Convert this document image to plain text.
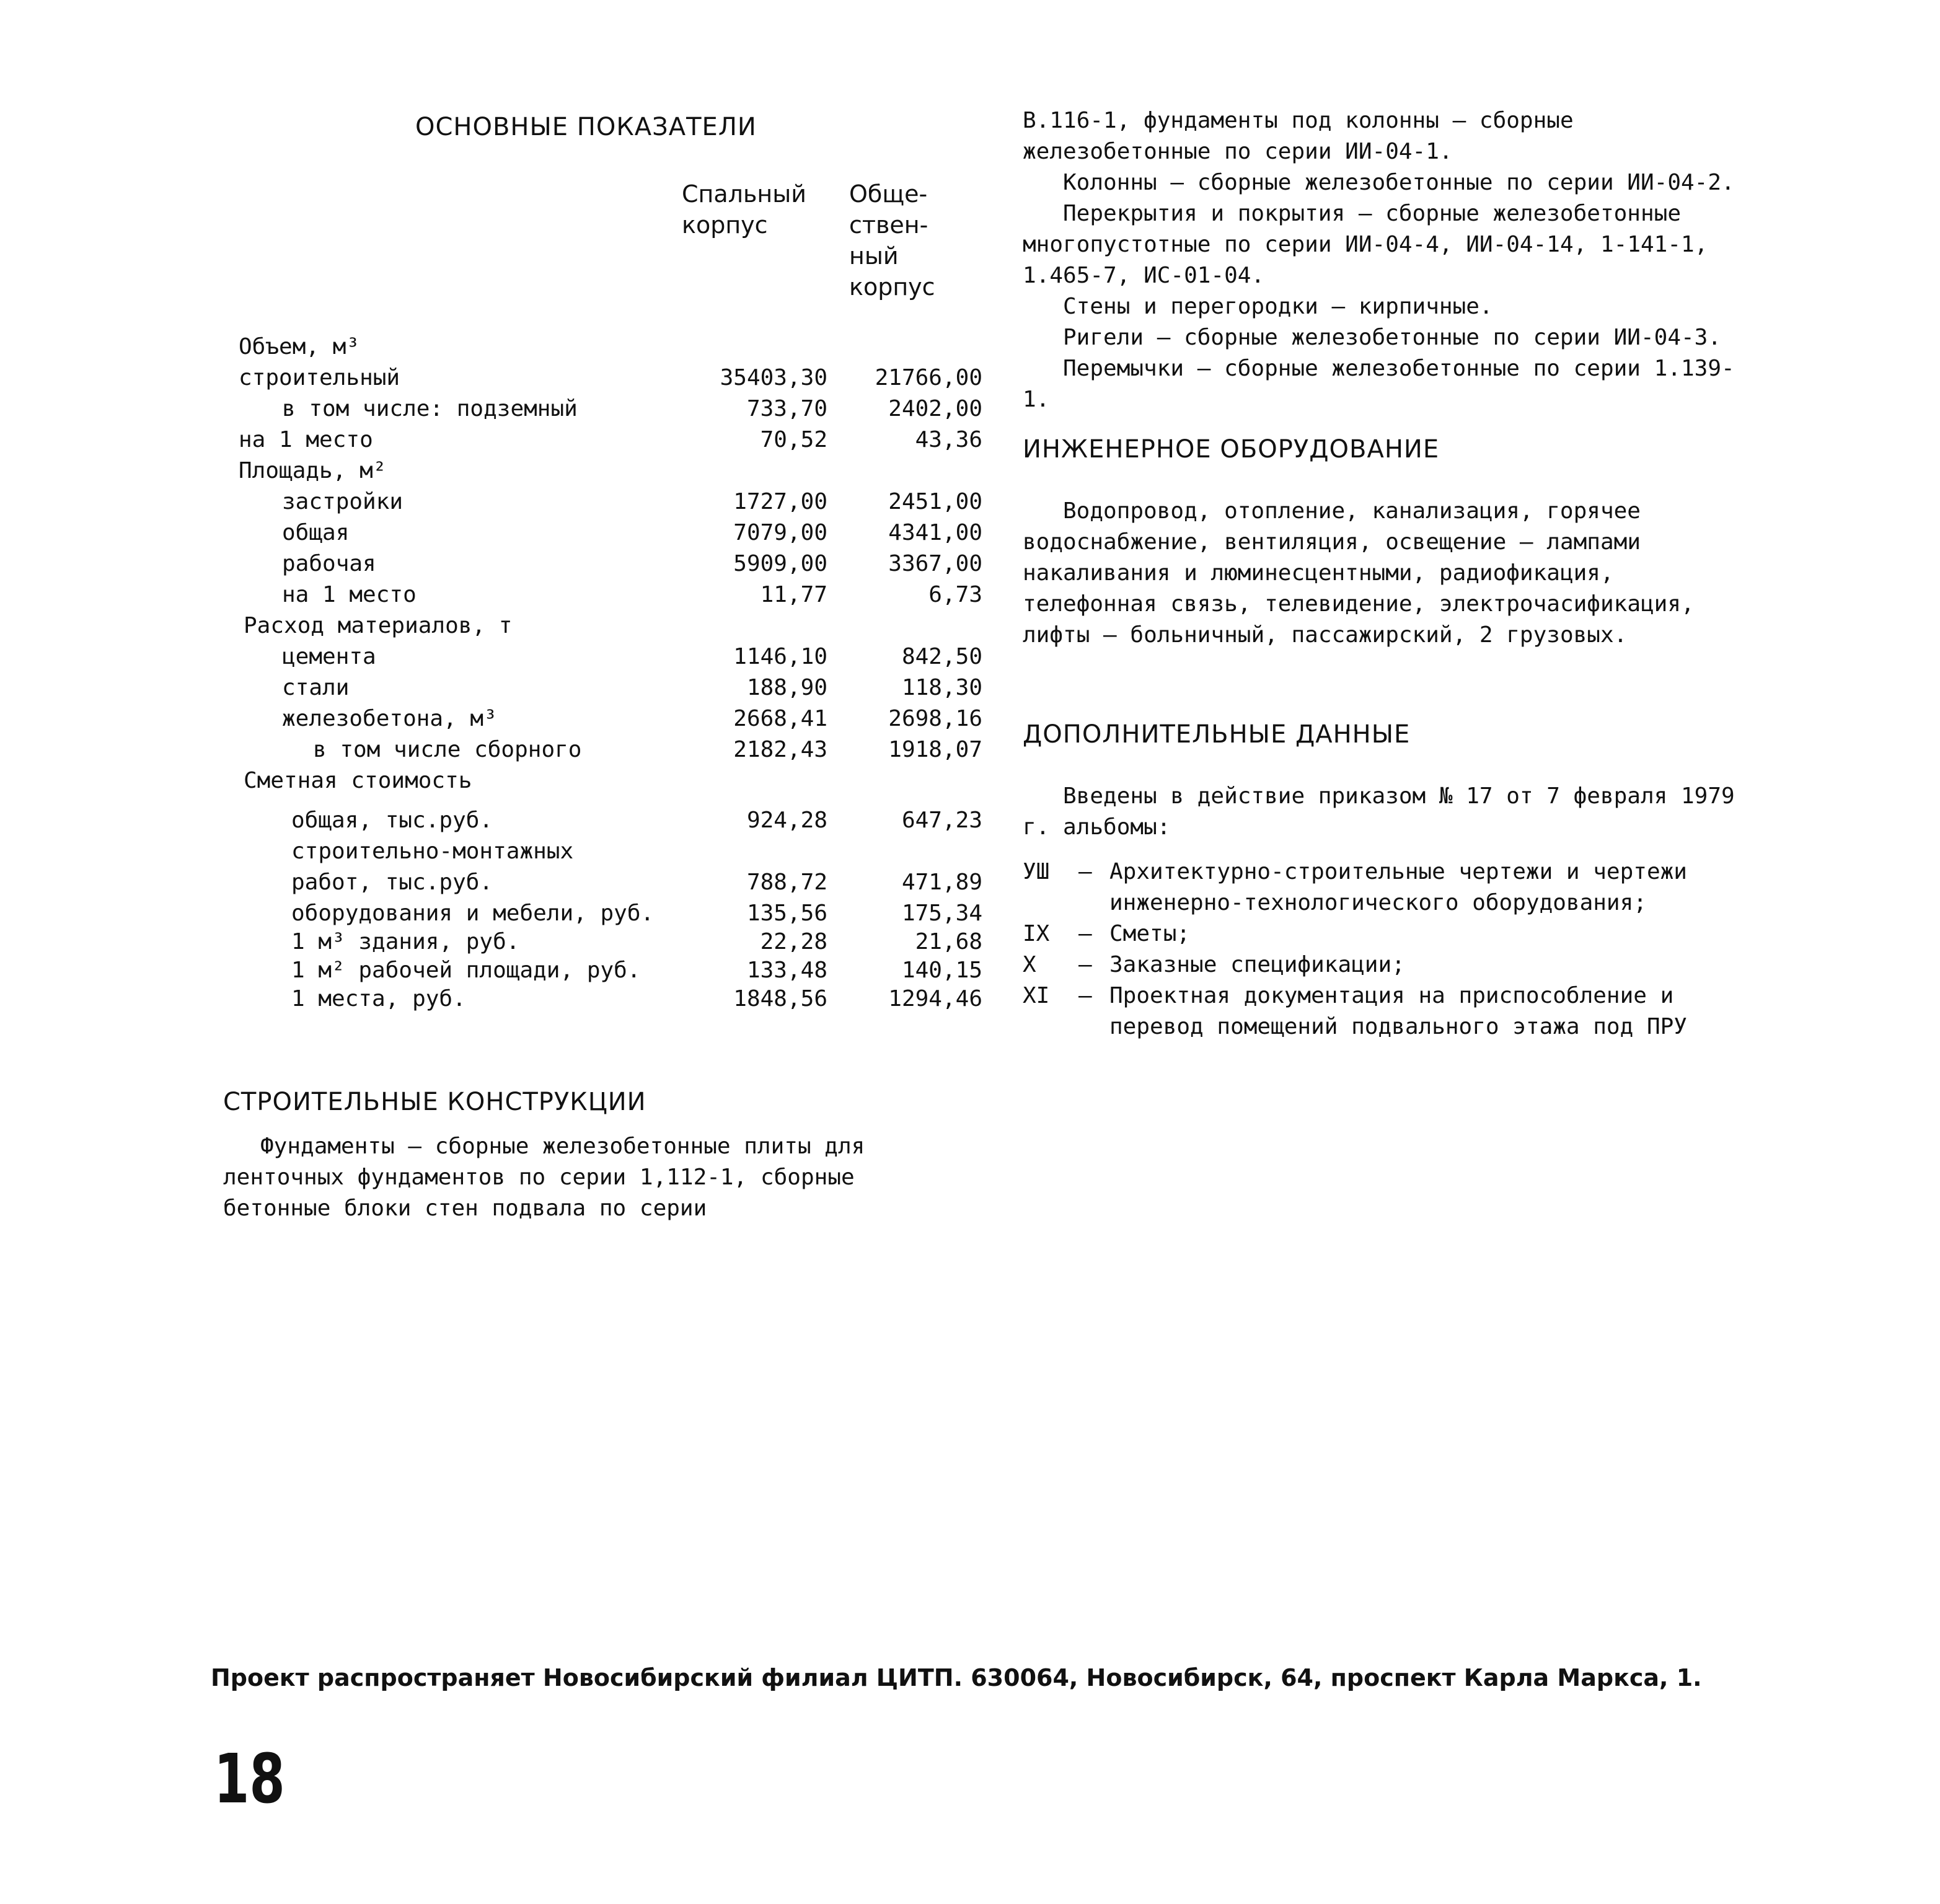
ОСНОВНЫЕ ПОКАЗАТЕЛИ
Спальный
корпус
Обще-
ствен-
ный
корпус
Объем, м³
строительный	35403,30 21766,00
в том числе: подземный	733,70	2402,00
на 1 место	70,52	43,36
Площадь, м²
застройки	1727,00	2451,00
общая	7079,00	4341,00
рабочая	5909,00	3367,00
на 1 место	11,77	6,73
Расход материалов, т
цемента	1146,10	842,50
стали	188,90	118,30
железобетона, м³	2668,41	2698,16
в том числе сборного	2182,43	1918,07
Сметная стоимость
общая, тыс.руб.	924,28	647,23
строительно-монтажных
работ, тыс.руб.	788,72	471,89
оборудования и мебели, руб.	135,56	175,34
1 м³ здания, руб.	22,28	21,68
1 м² рабочей площади, руб.	133,48	140,15
1 места, руб.	1848,56	1294,46
СТРОИТЕЛЬНЫЕ КОНСТРУКЦИИ

Фундаменты – сборные железобетонные плиты для ленточных фундаментов по серии 1,112-1, сборные бетонные блоки стен подвала по серии

В.116-1, фундаменты под колонны – сборные железобетонные по серии ИИ-04-1.

Колонны – сборные железобетонные по серии ИИ-04-2.

Перекрытия и покрытия – сборные железобетонные многопустотные по серии ИИ-04-4, ИИ-04-14, 1-141-1, 1.465-7, ИС-01-04.

Стены и перегородки – кирпичные.

Ригели – сборные железобетонные по серии ИИ-04-3.

Перемычки – сборные железобетонные по серии 1.139-1.

ИНЖЕНЕРНОЕ ОБОРУДОВАНИЕ

Водопровод, отопление, канализация, горячее водоснабжение, вентиляция, освещение – лампами накаливания и люминесцентными, радиофикация, телефонная связь, телевидение, электрочасификация, лифты – больничный, пассажирский, 2 грузовых.

ДОПОЛНИТЕЛЬНЫЕ ДАННЫЕ

Введены в действие приказом № 17 от 7 февраля 1979 г. альбомы:

УШ	– Архитектурно-строительные чертежи и чертежи инженерно-технологического оборудования;
IX	– Сметы;
X	– Заказные спецификации;
XI	– Проектная документация на приспособление и перевод помещений подвального этажа под ПРУ
Проект распространяет Новосибирский филиал ЦИТП. 630064, Новосибирск, 64, проспект Карла Маркса, 1.
18
